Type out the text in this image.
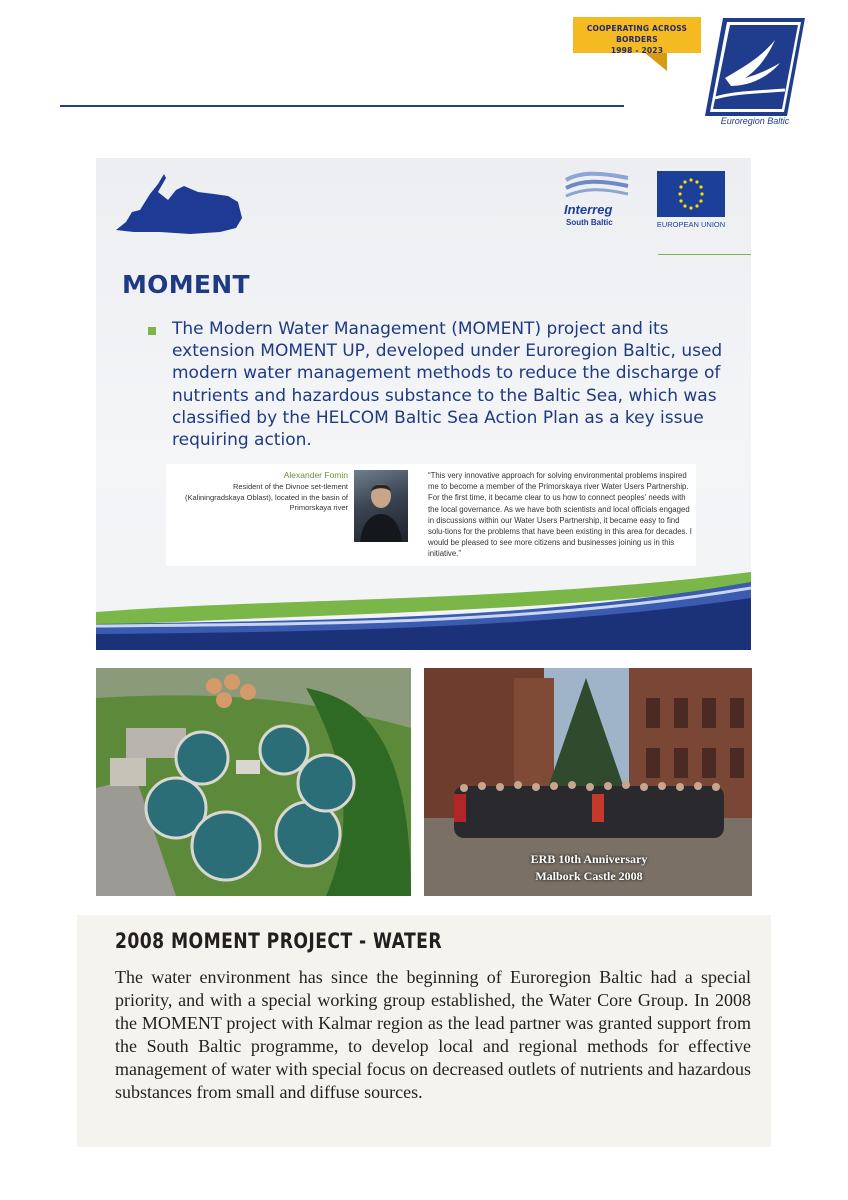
COOPERATING ACROSS BORDERS
1998 - 2023
Euroregion Baltic
Interreg
South Baltic	EUROPEAN UNION
MOMENT
The Modern Water Management (MOMENT) project and its extension MOMENT UP, developed under Euroregion Baltic, used modern water management methods to reduce the discharge of nutrients and hazardous substance to the Baltic Sea, which was classified by the HELCOM Baltic Sea Action Plan as a key issue requiring action.
Alexander Fomin
Resident of the Divnoe set-tlement (Kaliningradskaya Oblast), located in the basin of Primorskaya river
“This very innovative approach for solving environmental problems inspired me to become a member of the Primorskaya river Water Users Partnership. For the first time, it became clear to us how to connect peoples' needs with the local governance. As we have both scientists and local officials engaged in discussions within our Water Users Partnership, it became easy to find solu-tions for the problems that have been existing in this area for decades. I would be pleased to see more citizens and businesses joining us in this initiative.”
ERB 10th Anniversary
Malbork Castle 2008
2008 MOMENT PROJECT - WATER
The water environment has since the beginning of Euroregion Baltic had a special priority, and with a special working group established, the Water Core Group. In 2008 the MOMENT project with Kalmar region as the lead partner was granted support from the South Baltic programme, to develop local and regional methods for effective management of water with special focus on decreased outlets of nutrients and hazardous substances from small and diffuse sources.
